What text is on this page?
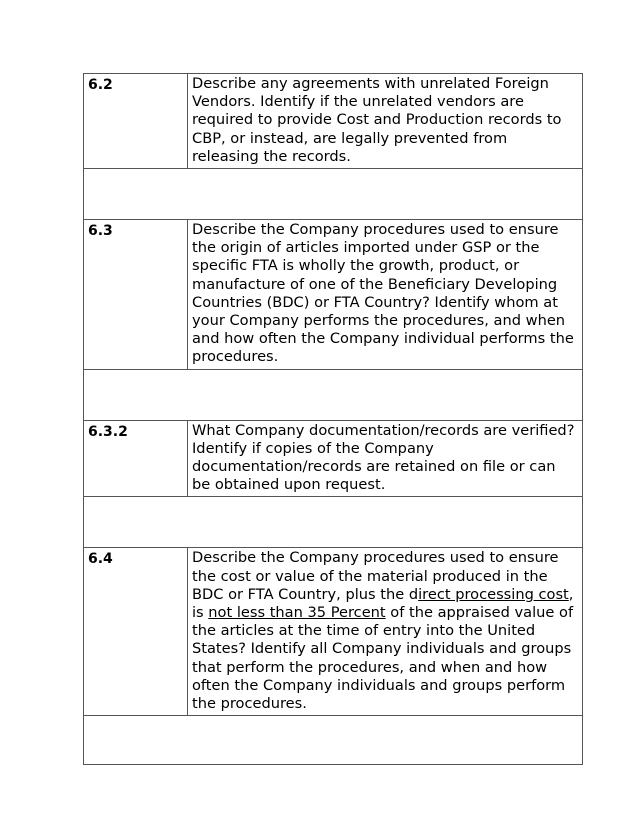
6.2	Describe any agreements with unrelated Foreign Vendors. Identify if the unrelated vendors are required to provide Cost and Production records to CBP, or instead, are legally prevented from releasing the records.

6.3	Describe the Company procedures used to ensure the origin of articles imported under GSP or the specific FTA is wholly the growth, product, or manufacture of one of the Beneficiary Developing Countries (BDC) or FTA Country? Identify whom at your Company performs the procedures, and when and how often the Company individual performs the procedures.

6.3.2	What Company documentation/records are verified? Identify if copies of the Company documentation/records are retained on file or can be obtained upon request.

6.4	Describe the Company procedures used to ensure the cost or value of the material produced in the BDC or FTA Country, plus the direct processing cost, is not less than 35 Percent of the appraised value of the articles at the time of entry into the United States? Identify all Company individuals and groups that perform the procedures, and when and how often the Company individuals and groups perform the procedures.
